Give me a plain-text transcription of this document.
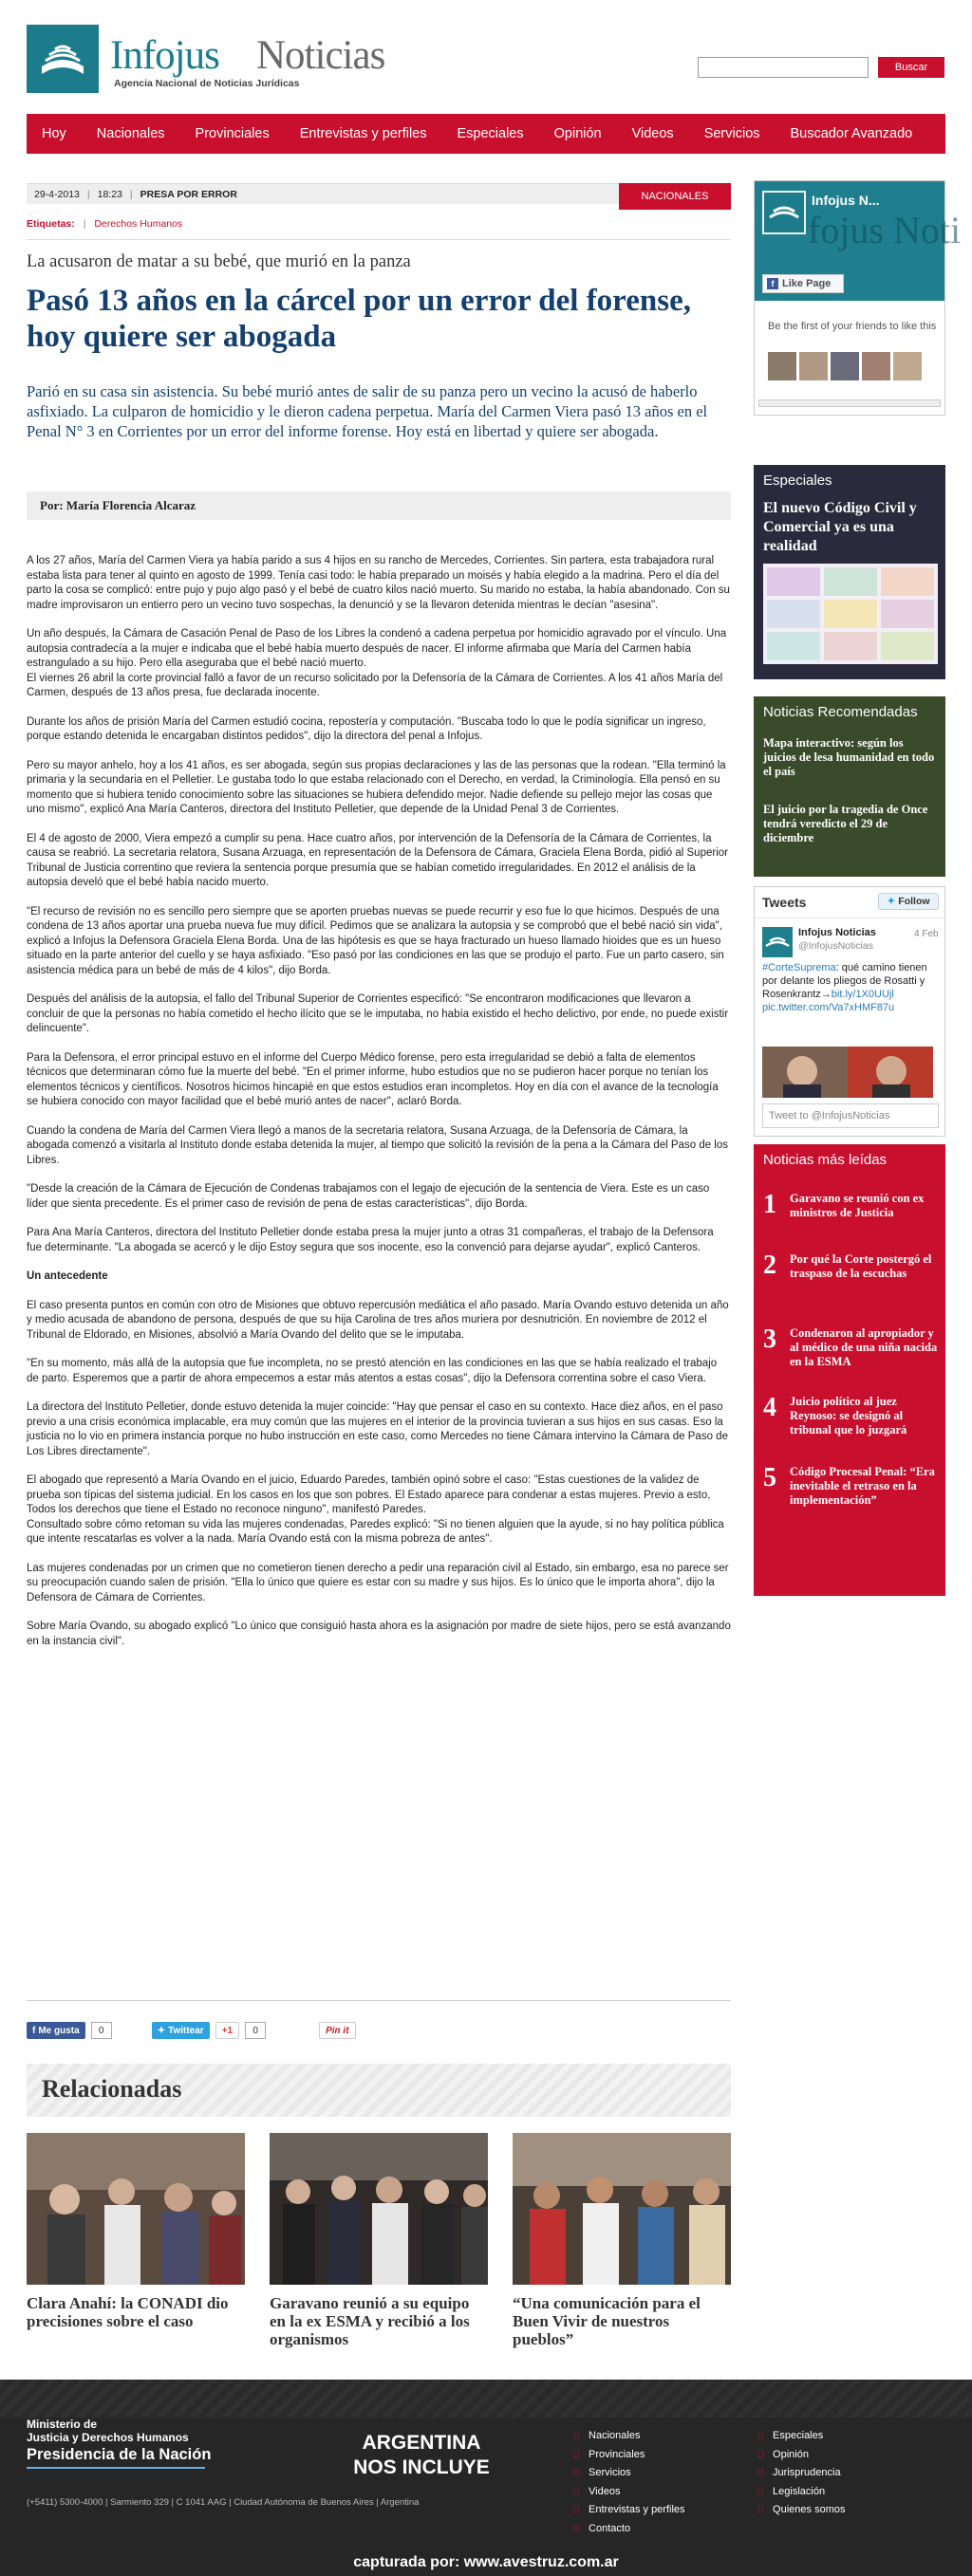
Infojus Noticias
Agencia Nacional de Noticias Jurídicas
Buscar
Hoy	Nacionales	Provinciales	Entrevistas y perfiles	Especiales	Opinión	Videos	Servicios	Buscador Avanzado
29-4-2013 | 18:23 | PRESA POR ERROR	NACIONALES
Etiquetas: | Derechos Humanos
La acusaron de matar a su bebé, que murió en la panza
Pasó 13 años en la cárcel por un error del forense, hoy quiere ser abogada
Parió en su casa sin asistencia. Su bebé murió antes de salir de su panza pero un vecino la acusó de haberlo asfixiado. La culparon de homicidio y le dieron cadena perpetua. María del Carmen Viera pasó 13 años en el Penal N° 3 en Corrientes por un error del informe forense. Hoy está en libertad y quiere ser abogada.
Por: María Florencia Alcaraz

A los 27 años, María del Carmen Viera ya había parido a sus 4 hijos en su rancho de Mercedes, Corrientes. Sin partera, esta trabajadora rural estaba lista para tener al quinto en agosto de 1999. Tenía casi todo: le había preparado un moisés y había elegido a la madrina. Pero el día del parto la cosa se complicó: entre pujo y pujo algo pasó y el bebé de cuatro kilos nació muerto. Su marido no estaba, la había abandonado. Con su madre improvisaron un entierro pero un vecino tuvo sospechas, la denunció y se la llevaron detenida mientras le decían "asesina".

Un año después, la Cámara de Casación Penal de Paso de los Libres la condenó a cadena perpetua por homicidio agravado por el vínculo. Una autopsia contradecía a la mujer e indicaba que el bebé había muerto después de nacer. El informe afirmaba que María del Carmen había estrangulado a su hijo. Pero ella aseguraba que el bebé nació muerto.
El viernes 26 abril la corte provincial falló a favor de un recurso solicitado por la Defensoría de la Cámara de Corrientes. A los 41 años María del Carmen, después de 13 años presa, fue declarada inocente.

Durante los años de prisión María del Carmen estudió cocina, repostería y computación. "Buscaba todo lo que le podía significar un ingreso, porque estando detenida le encargaban distintos pedidos", dijo la directora del penal a Infojus.

Pero su mayor anhelo, hoy a los 41 años, es ser abogada, según sus propias declaraciones y las de las personas que la rodean. "Ella terminó la primaria y la secundaria en el Pelletier. Le gustaba todo lo que estaba relacionado con el Derecho, en verdad, la Criminología. Ella pensó en su momento que si hubiera tenido conocimiento sobre las situaciones se hubiera defendido mejor. Nadie defiende su pellejo mejor las cosas que uno mismo", explicó Ana María Canteros, directora del Instituto Pelletier, que depende de la Unidad Penal 3 de Corrientes.

El 4 de agosto de 2000, Viera empezó a cumplir su pena. Hace cuatro años, por intervención de la Defensoría de la Cámara de Corrientes, la causa se reabrió. La secretaria relatora, Susana Arzuaga, en representación de la Defensora de Cámara, Graciela Elena Borda, pidió al Superior Tribunal de Justicia correntino que reviera la sentencia porque presumía que se habían cometido irregularidades. En 2012 el análisis de la autopsia develó que el bebé había nacido muerto.

"El recurso de revisión no es sencillo pero siempre que se aporten pruebas nuevas se puede recurrir y eso fue lo que hicimos. Después de una condena de 13 años aportar una prueba nueva fue muy difícil. Pedimos que se analizara la autopsia y se comprobó que el bebé nació sin vida", explicó a Infojus la Defensora Graciela Elena Borda. Una de las hipótesis es que se haya fracturado un hueso llamado hioides que es un hueso situado en la parte anterior del cuello y se haya asfixiado. "Eso pasó por las condiciones en las que se produjo el parto. Fue un parto casero, sin asistencia médica para un bebé de más de 4 kilos", dijo Borda.

Después del análisis de la autopsia, el fallo del Tribunal Superior de Corrientes especificó: "Se encontraron modificaciones que llevaron a concluir de que la personas no había cometido el hecho ilícito que se le imputaba, no había existido el hecho delictivo, por ende, no puede existir delincuente".

Para la Defensora, el error principal estuvo en el informe del Cuerpo Médico forense, pero esta irregularidad se debió a falta de elementos técnicos que determinaran cómo fue la muerte del bebé. "En el primer informe, hubo estudios que no se pudieron hacer porque no tenían los elementos técnicos y científicos. Nosotros hicimos hincapié en que estos estudios eran incompletos. Hoy en día con el avance de la tecnología se hubiera conocido con mayor facilidad que el bebé murió antes de nacer", aclaró Borda.

Cuando la condena de María del Carmen Viera llegó a manos de la secretaria relatora, Susana Arzuaga, de la Defensoría de Cámara, la abogada comenzó a visitarla al Instituto donde estaba detenida la mujer, al tiempo que solicitó la revisión de la pena a la Cámara del Paso de los Libres.

"Desde la creación de la Cámara de Ejecución de Condenas trabajamos con el legajo de ejecución de la sentencia de Viera. Este es un caso líder que sienta precedente. Es el primer caso de revisión de pena de estas características", dijo Borda.

Para Ana María Canteros, directora del Instituto Pelletier donde estaba presa la mujer junto a otras 31 compañeras, el trabajo de la Defensora fue determinante. "La abogada se acercó y le dijo Estoy segura que sos inocente, eso la convenció para dejarse ayudar", explicó Canteros.

Un antecedente

El caso presenta puntos en común con otro de Misiones que obtuvo repercusión mediática el año pasado. María Ovando estuvo detenida un año y medio acusada de abandono de persona, después de que su hija Carolina de tres años muriera por desnutrición. En noviembre de 2012 el Tribunal de Eldorado, en Misiones, absolvió a María Ovando del delito que se le imputaba.

"En su momento, más allá de la autopsia que fue incompleta, no se prestó atención en las condiciones en las que se había realizado el trabajo de parto. Esperemos que a partir de ahora empecemos a estar más atentos a estas cosas", dijo la Defensora correntina sobre el caso Viera.

La directora del Instituto Pelletier, donde estuvo detenida la mujer coincide: "Hay que pensar el caso en su contexto. Hace diez años, en el paso previo a una crisis económica implacable, era muy común que las mujeres en el interior de la provincia tuvieran a sus hijos en sus casas. Eso la justicia no lo vio en primera instancia porque no hubo instrucción en este caso, como Mercedes no tiene Cámara intervino la Cámara de Paso de Los Libres directamente".

El abogado que representó a María Ovando en el juicio, Eduardo Paredes, también opinó sobre el caso: "Estas cuestiones de la validez de prueba son típicas del sistema judicial. En los casos en los que son pobres. El Estado aparece para condenar a estas mujeres. Previo a esto, Todos los derechos que tiene el Estado no reconoce ninguno", manifestó Paredes.
Consultado sobre cómo retoman su vida las mujeres condenadas, Paredes explicó: "Si no tienen alguien que la ayude, si no hay política pública que intente rescatarlas es volver a la nada. María Ovando está con la misma pobreza de antes".

Las mujeres condenadas por un crimen que no cometieron tienen derecho a pedir una reparación civil al Estado, sin embargo, esa no parece ser su preocupación cuando salen de prisión. "Ella lo único que quiere es estar con su madre y sus hijos. Es lo único que le importa ahora", dijo la Defensora de Cámara de Corrientes.

Sobre María Ovando, su abogado explicó "Lo único que consiguió hasta ahora es la asignación por madre de siete hijos, pero se está avanzando en la instancia civil".

f Me gusta	0	✦ Twittear	+1	0	Pin it
Relacionadas
Clara Anahí: la CONADI dio precisiones sobre el caso
Garavano reunió a su equipo en la ex ESMA y recibió a los organismos
“Una comunicación para el Buen Vivir de nuestros pueblos”
Infojus N...
fojus Noti
f Like Page
Be the first of your friends to like this
Especiales
El nuevo Código Civil y Comercial ya es una realidad
Noticias Recomendadas
Mapa interactivo: según los juicios de lesa humanidad en todo el país
El juicio por la tragedia de Once tendrá veredicto el 29 de diciembre
Tweets	✦ Follow
Infojus Noticias
@InfojusNoticias
4 Feb
#CorteSuprema: qué camino tienen por delante los pliegos de Rosatti y Rosenkrantz→bit.ly/1X0UUjl
pic.twitter.com/Va7xHMF87u
Tweet to @InfojusNoticias
Noticias más leídas
1 Garavano se reunió con ex ministros de Justicia
2 Por qué la Corte postergó el traspaso de la escuchas
3 Condenaron al apropiador y al médico de una niña nacida en la ESMA
4 Juicio político al juez Reynoso: se designó al tribunal que lo juzgará
5 Código Procesal Penal: “Era inevitable el retraso en la implementación”
Ministerio de
Justicia y Derechos Humanos
Presidencia de la Nación
(+5411) 5300-4000 | Sarmiento 329 | C 1041 AAG | Ciudad Autónoma de Buenos Aires | Argentina
ARGENTINA
NOS INCLUYE
□ Nacionales
□ Provinciales
□ Servicios
□ Videos
□ Entrevistas y perfiles
□ Contacto
□ Especiales
□ Opinión
□ Jurisprudencia
□ Legislación
□ Quienes somos
capturada por: www.avestruz.com.ar
